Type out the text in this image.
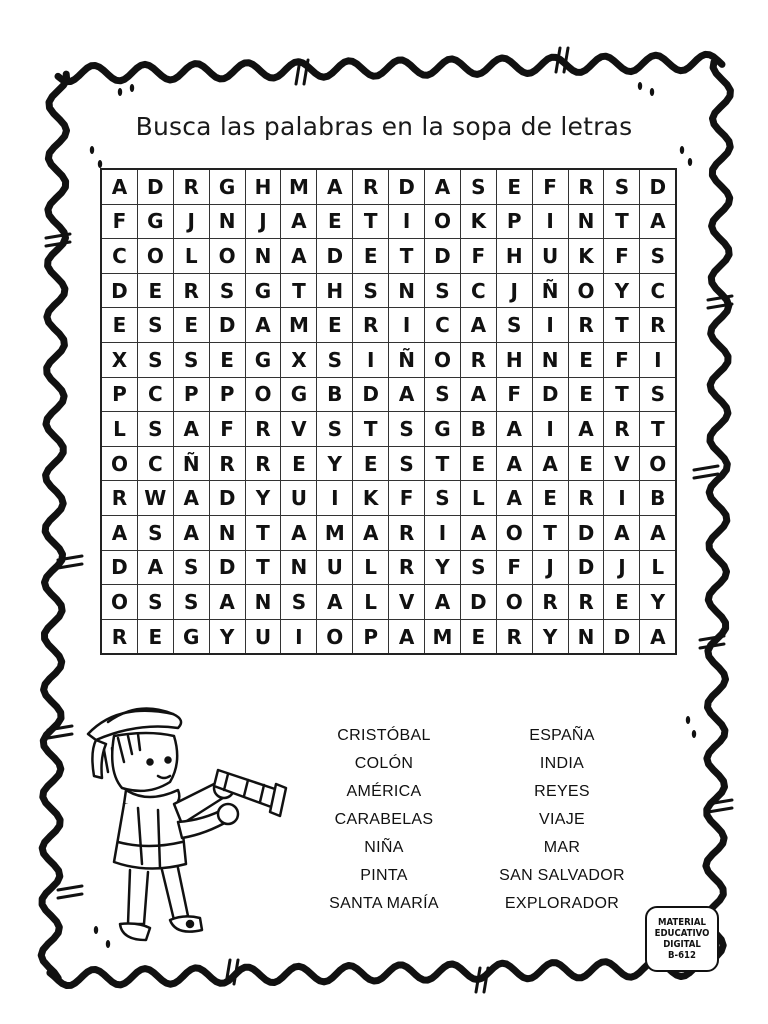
Busca las palabras en la sopa de letras
A	D	R	G	H	M	A	R	D	A	S	E	F	R	S	D
F	G	J	N	J	A	E	T	I	O	K	P	I	N	T	A
C	O	L	O	N	A	D	E	T	D	F	H	U	K	F	S
D	E	R	S	G	T	H	S	N	S	C	J	Ñ	O	Y	C
E	S	E	D	A	M	E	R	I	C	A	S	I	R	T	R
X	S	S	E	G	X	S	I	Ñ	O	R	H	N	E	F	I
P	C	P	P	O	G	B	D	A	S	A	F	D	E	T	S
L	S	A	F	R	V	S	T	S	G	B	A	I	A	R	T
O	C	Ñ	R	R	E	Y	E	S	T	E	A	A	E	V	O
R	W	A	D	Y	U	I	K	F	S	L	A	E	R	I	B
A	S	A	N	T	A	M	A	R	I	A	O	T	D	A	A
D	A	S	D	T	N	U	L	R	Y	S	F	J	D	J	L
O	S	S	A	N	S	A	L	V	A	D	O	R	R	E	Y
R	E	G	Y	U	I	O	P	A	M	E	R	Y	N	D	A
CRISTÓBAL
COLÓN
AMÉRICA
CARABELAS
NIÑA
PINTA
SANTA MARÍA
ESPAÑA
INDIA
REYES
VIAJE
MAR
SAN SALVADOR
EXPLORADOR
MATERIAL
EDUCATIVO
DIGITAL
B-612
